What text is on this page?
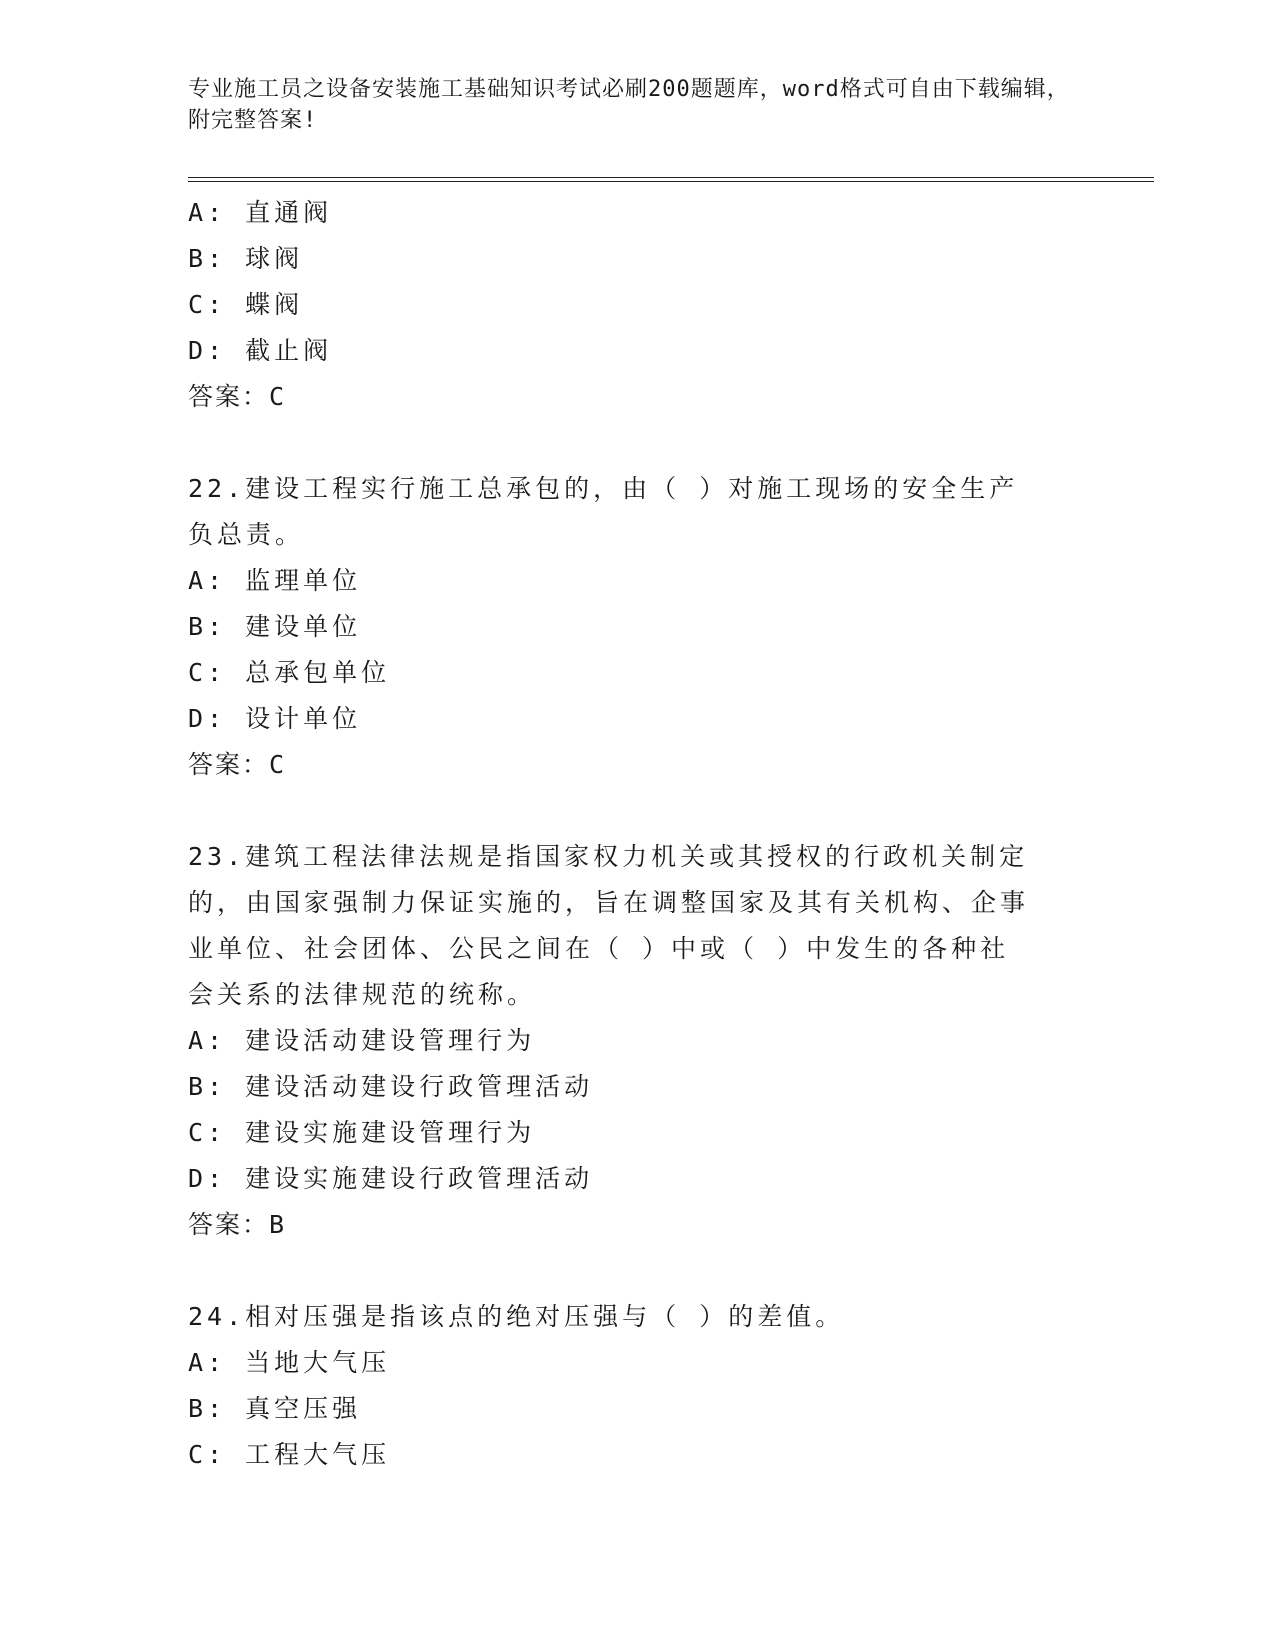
专业施工员之设备安装施工基础知识考试必刷200题题库，word格式可自由下载编辑，附完整答案!
A: 直通阀
B: 球阀
C: 蝶阀
D: 截止阀
答案：C
22.建设工程实行施工总承包的，由（ ）对施工现场的安全生产负总责。
A: 监理单位
B: 建设单位
C: 总承包单位
D: 设计单位
答案：C
23.建筑工程法律法规是指国家权力机关或其授权的行政机关制定的，由国家强制力保证实施的，旨在调整国家及其有关机构、企事业单位、社会团体、公民之间在（ ）中或（ ）中发生的各种社会关系的法律规范的统称。
A: 建设活动建设管理行为
B: 建设活动建设行政管理活动
C: 建设实施建设管理行为
D: 建设实施建设行政管理活动
答案：B
24.相对压强是指该点的绝对压强与（ ）的差值。
A: 当地大气压
B: 真空压强
C: 工程大气压
